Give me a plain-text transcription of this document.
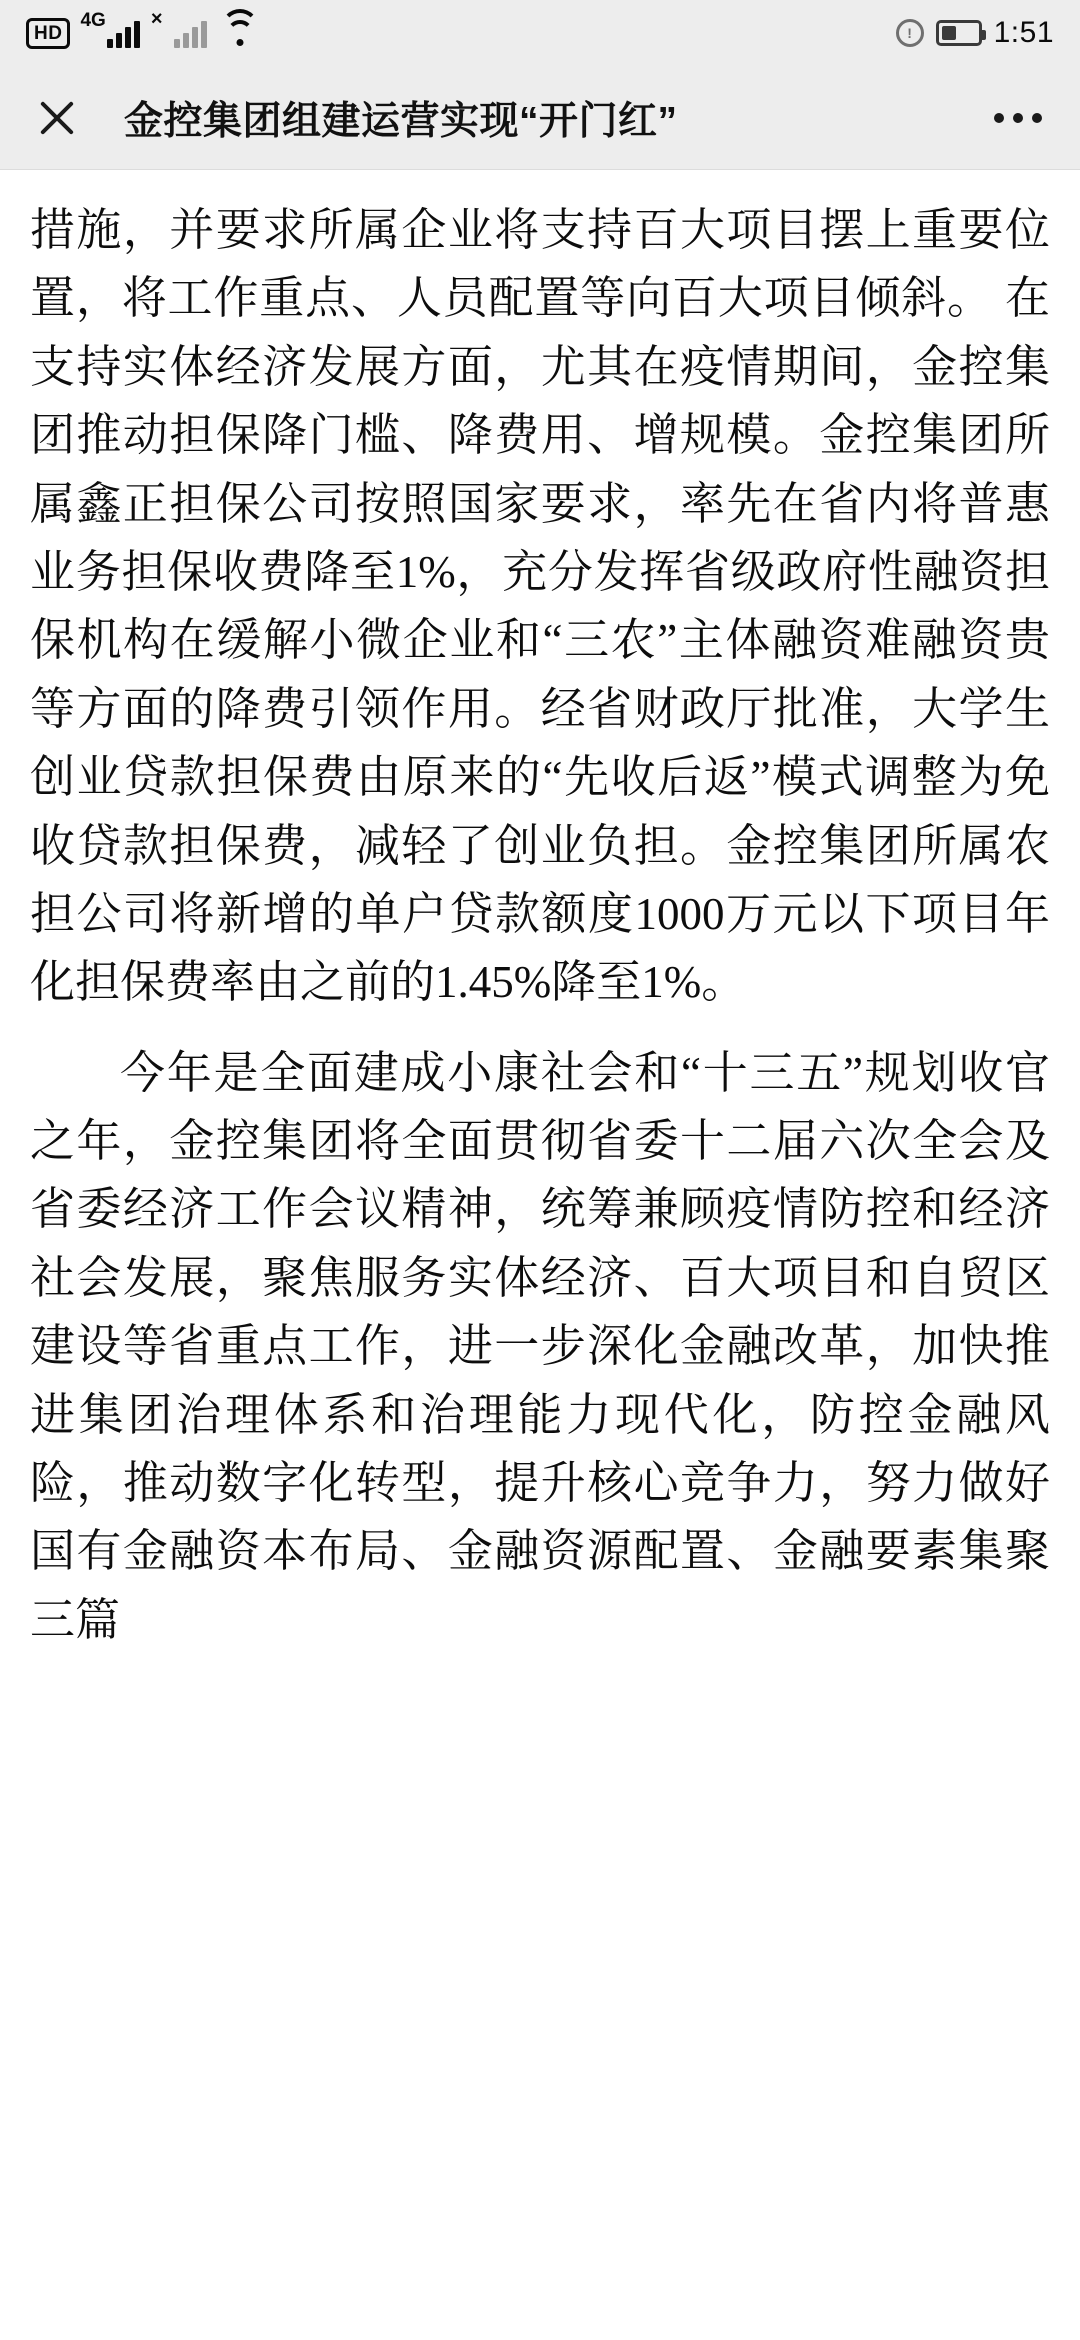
HD
4G ×
!	1:51
金控集团组建运营实现“开门红”

措施，并要求所属企业将支持百大项目摆上重要位置，将工作重点、人员配置等向百大项目倾斜。 在支持实体经济发展方面，尤其在疫情期间，金控集团推动担保降门槛、降费用、增规模。金控集团所属鑫正担保公司按照国家要求，率先在省内将普惠业务担保收费降至1%，充分发挥省级政府性融资担保机构在缓解小微企业和“三农”主体融资难融资贵等方面的降费引领作用。经省财政厅批准，大学生创业贷款担保费由原来的“先收后返”模式调整为免收贷款担保费，减轻了创业负担。金控集团所属农担公司将新增的单户贷款额度1000万元以下项目年化担保费率由之前的1.45%降至1%。

今年是全面建成小康社会和“十三五”规划收官之年，金控集团将全面贯彻省委十二届六次全会及省委经济工作会议精神，统筹兼顾疫情防控和经济社会发展，聚焦服务实体经济、百大项目和自贸区建设等省重点工作，进一步深化金融改革，加快推进集团治理体系和治理能力现代化，防控金融风险，推动数字化转型，提升核心竞争力，努力做好国有金融资本布局、金融资源配置、金融要素集聚三篇
